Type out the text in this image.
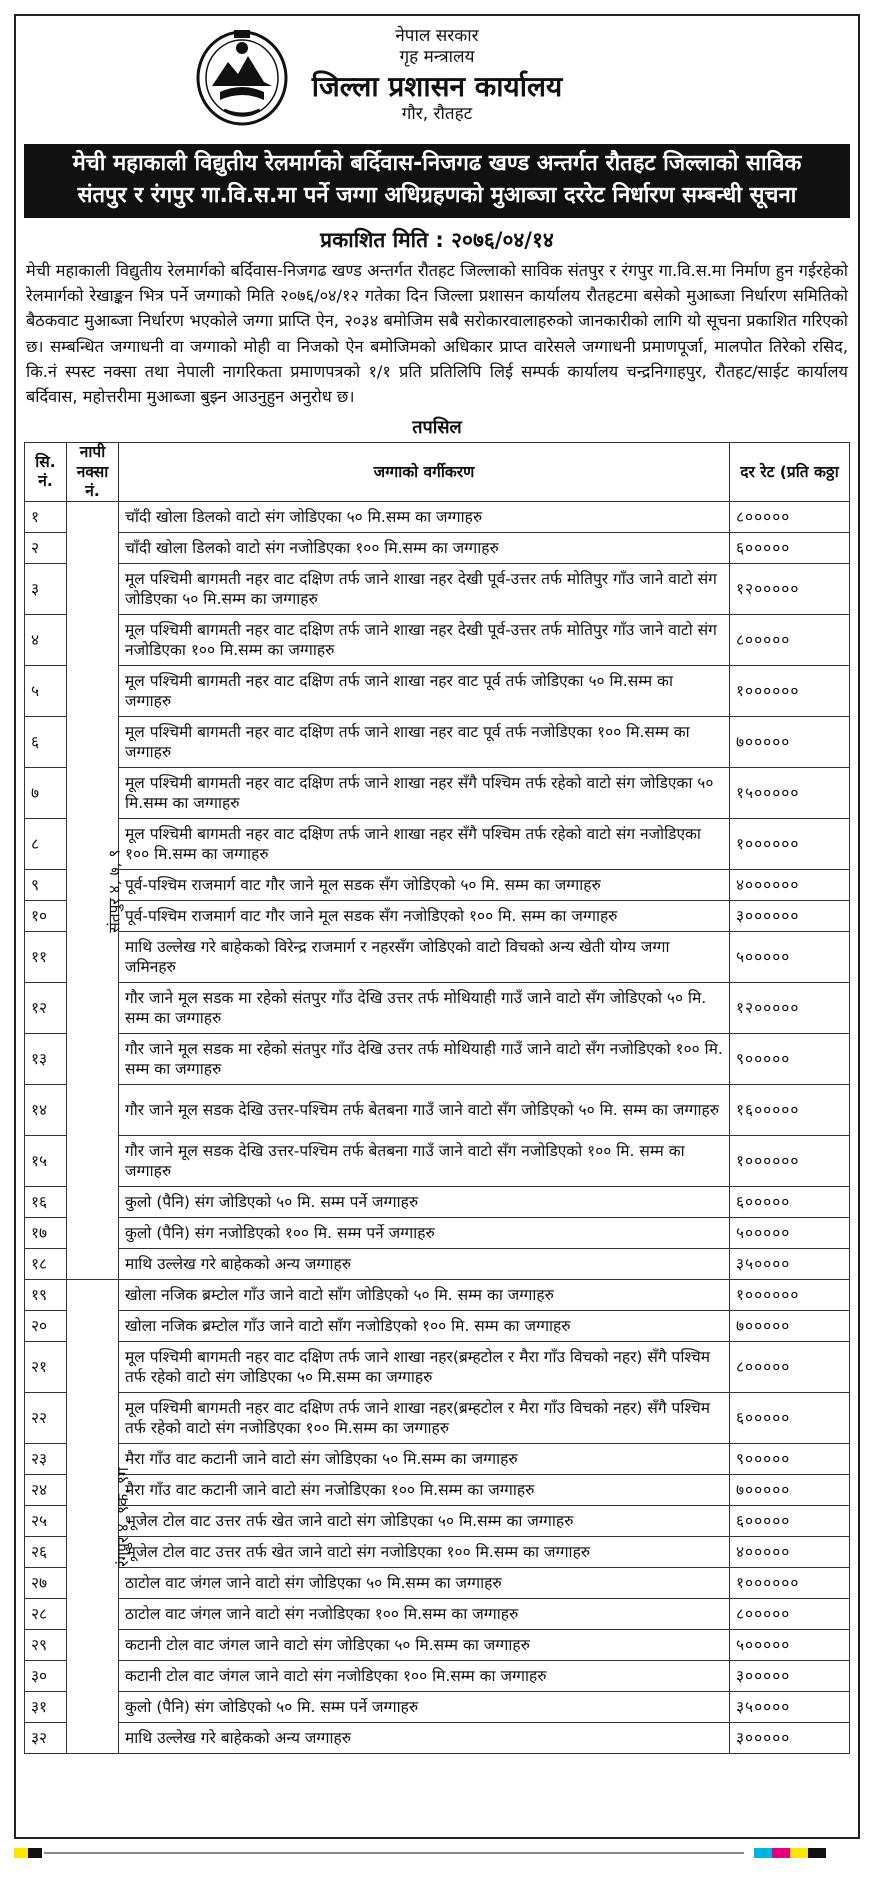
नेपाल सरकार
गृह मन्त्रालय
जिल्ला प्रशासन कार्यालय
गौर, रौतहट
मेची महाकाली विद्युतीय रेलमार्गको बर्दिवास-निजगढ खण्ड अन्तर्गत रौतहट जिल्लाको साविक
संतपुर र रंगपुर गा.वि.स.मा पर्ने जग्गा अधिग्रहणको मुआब्जा दररेट निर्धारण सम्बन्धी सूचना
प्रकाशित मिति : २०७६/०४/१४
मेची महाकाली विद्युतीय रेलमार्गको बर्दिवास-निजगढ खण्ड अन्तर्गत रौतहट जिल्लाको साविक संतपुर र रंगपुर गा.वि.स.मा निर्माण हुन गईरहेको रेलमार्गको रेखाङ्कन भित्र पर्ने जग्गाको मिति २०७६/०४/१२ गतेका दिन जिल्ला प्रशासन कार्यालय रौतहटमा बसेको मुआब्जा निर्धारण समितिको बैठकवाट मुआब्जा निर्धारण भएकोले जग्गा प्राप्ति ऐन, २०३४ बमोजिम सबै सरोकारवालाहरुको जानकारीको लागि यो सूचना प्रकाशित गरिएको छ। सम्बन्धित जग्गाधनी वा जग्गाको मोही वा निजको ऐन बमोजिमको अधिकार प्राप्त वारेसले जग्गाधनी प्रमाणपूर्जा, मालपोत तिरेको रसिद, कि.नं स्पस्ट नक्सा तथा नेपाली नागरिकता प्रमाणपत्रको १/१ प्रति प्रतिलिपि लिई सम्पर्क कार्यालय चन्द्रनिगाहपुर, रौतहट/साईट कार्यालय बर्दिवास, महोत्तरीमा मुआब्जा बुझ्न आउनुहुन अनुरोध छ।
तपसिल
सि. नं.	नापी नक्सा नं.	जग्गाको वर्गीकरण	दर रेट (प्रति कठ्ठा
१	संतपुर ४, ७, ९	चाँदी खोला डिलको वाटो संग जोडिएका ५० मि.सम्म का जग्गाहरु	८०००००
२		चाँदी खोला डिलको वाटो संग नजोडिएका १०० मि.सम्म का जग्गाहरु	६०००००
३		मूल पश्चिमी बागमती नहर वाट दक्षिण तर्फ जाने शाखा नहर देखी पूर्व-उत्तर तर्फ मोतिपुर गाँउ जाने वाटो संग जोडिएका ५० मि.सम्म का जग्गाहरु	१२०००००
४		मूल पश्चिमी बागमती नहर वाट दक्षिण तर्फ जाने शाखा नहर देखी पूर्व-उत्तर तर्फ मोतिपुर गाँउ जाने वाटो संग नजोडिएका १०० मि.सम्म का जग्गाहरु	८०००००
५		मूल पश्चिमी बागमती नहर वाट दक्षिण तर्फ जाने शाखा नहर वाट पूर्व तर्फ जोडिएका ५० मि.सम्म का जग्गाहरु	१००००००
६		मूल पश्चिमी बागमती नहर वाट दक्षिण तर्फ जाने शाखा नहर वाट पूर्व तर्फ नजोडिएका १०० मि.सम्म का जग्गाहरु	७०००००
७		मूल पश्चिमी बागमती नहर वाट दक्षिण तर्फ जाने शाखा नहर सँगै पश्चिम तर्फ रहेको वाटो संग जोडिएका ५० मि.सम्म का जग्गाहरु	१५०००००
८		मूल पश्चिमी बागमती नहर वाट दक्षिण तर्फ जाने शाखा नहर सँगै पश्चिम तर्फ रहेको वाटो संग नजोडिएका १०० मि.सम्म का जग्गाहरु	१००००००
९		पूर्व-पश्चिम राजमार्ग वाट गौर जाने मूल सडक सँग जोडिएको ५० मि. सम्म का जग्गाहरु	४००००००
१०		पूर्व-पश्चिम राजमार्ग वाट गौर जाने मूल सडक सँग नजोडिएको १०० मि. सम्म का जग्गाहरु	३००००००
११		माथि उल्लेख गरे बाहेकको विरेन्द्र राजमार्ग र नहरसँग जोडिएको वाटो विचको अन्य खेती योग्य जग्गा जमिनहरु	५०००००
१२		गौर जाने मूल सडक मा रहेको संतपुर गाँउ देखि उत्तर तर्फ मोथियाही गाउँ जाने वाटो सँग जोडिएको ५० मि. सम्म का जग्गाहरु	१२०००००
१३		गौर जाने मूल सडक मा रहेको संतपुर गाँउ देखि उत्तर तर्फ मोथियाही गाउँ जाने वाटो सँग नजोडिएको १०० मि. सम्म का जग्गाहरु	९०००००
१४		गौर जाने मूल सडक देखि उत्तर-पश्चिम तर्फ बेतबना गाउँ जाने वाटो सँग जोडिएको ५० मि. सम्म का जग्गाहरु	१६०००००
१५		गौर जाने मूल सडक देखि उत्तर-पश्चिम तर्फ बेतबना गाउँ जाने वाटो सँग नजोडिएको १०० मि. सम्म का जग्गाहरु	१००००००
१६		कुलो (पैनि) संग जोडिएको ५० मि. सम्म पर्ने जग्गाहरु	६०००००
१७		कुलो (पैनि) संग नजोडिएको १०० मि. सम्म पर्ने जग्गाहरु	५०००००
१८		माथि उल्लेख गरे बाहेकको अन्य जग्गाहरु	३५००००
१९	रंगपुर ४, ९क, ९ग	खोला नजिक ब्रम्टोल गाँउ जाने वाटो साँग जोडिएको ५० मि. सम्म का जग्गाहरु	१००००००
२०		खोला नजिक ब्रम्टोल गाँउ जाने वाटो साँग नजोडिएको १०० मि. सम्म का जग्गाहरु	७०००००
२१		मूल पश्चिमी बागमती नहर वाट दक्षिण तर्फ जाने शाखा नहर(ब्रम्हटोल र मैरा गाँउ विचको नहर) सँगै पश्चिम तर्फ रहेको वाटो संग जोडिएका ५० मि.सम्म का जग्गाहरु	८०००००
२२		मूल पश्चिमी बागमती नहर वाट दक्षिण तर्फ जाने शाखा नहर(ब्रम्हटोल र मैरा गाँउ विचको नहर) सँगै पश्चिम तर्फ रहेको वाटो संग नजोडिएका १०० मि.सम्म का जग्गाहरु	६०००००
२३		मैरा गाँउ वाट कटानी जाने वाटो संग जोडिएका ५० मि.सम्म का जग्गाहरु	९०००००
२४		मैरा गाँउ वाट कटानी जाने वाटो संग नजोडिएका १०० मि.सम्म का जग्गाहरु	७०००००
२५		भूजेल टोल वाट उत्तर तर्फ खेत जाने वाटो संग जोडिएका ५० मि.सम्म का जग्गाहरु	६०००००
२६		भूजेल टोल वाट उत्तर तर्फ खेत जाने वाटो संग नजोडिएका १०० मि.सम्म का जग्गाहरु	४०००००
२७		ठाटोल वाट जंगल जाने वाटो संग जोडिएका ५० मि.सम्म का जग्गाहरु	१००००००
२८		ठाटोल वाट जंगल जाने वाटो संग नजोडिएका १०० मि.सम्म का जग्गाहरु	८०००००
२९		कटानी टोल वाट जंगल जाने वाटो संग जोडिएका ५० मि.सम्म का जग्गाहरु	५०००००
३०		कटानी टोल वाट जंगल जाने वाटो संग नजोडिएका १०० मि.सम्म का जग्गाहरु	३०००००
३१		कुलो (पैनि) संग जोडिएको ५० मि. सम्म पर्ने जग्गाहरु	३५००००
३२		माथि उल्लेख गरे बाहेकको अन्य जग्गाहरु	३०००००
